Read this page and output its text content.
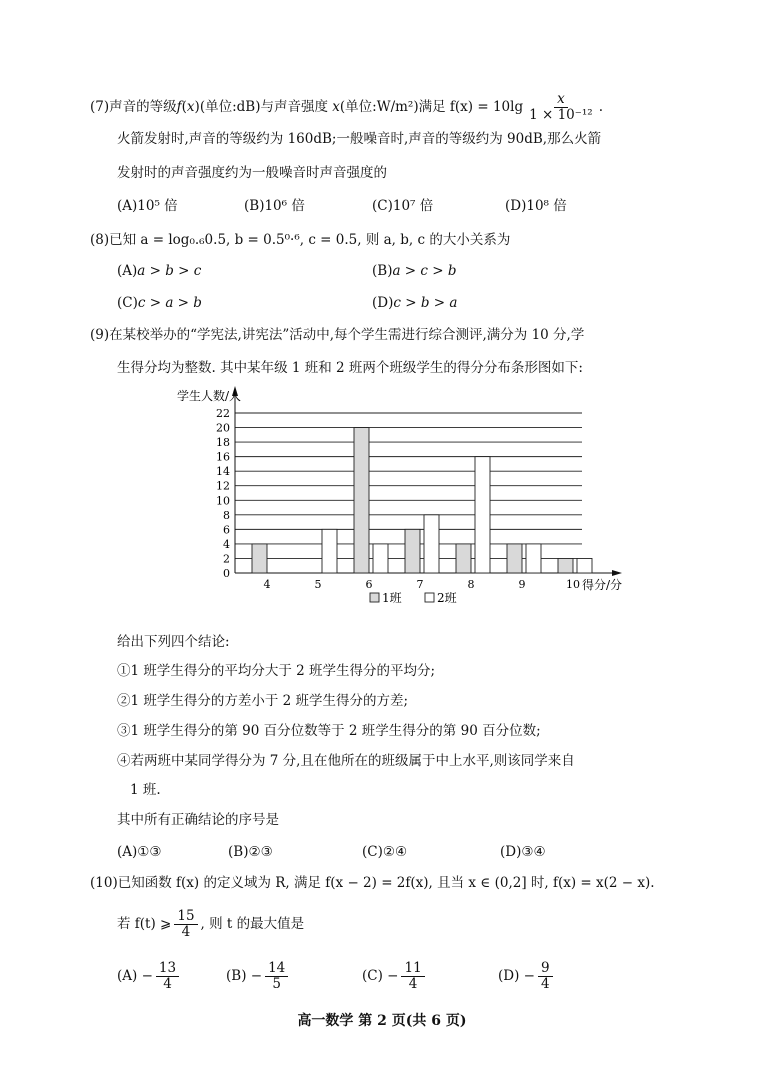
(7)声音的等级f(x)(单位:dB)与声音强度 x(单位:W/m²)满足 $f(x) = 10\lg \frac{x}{\text{1 × 10⁻¹²}}$ .
火箭发射时,声音的等级约为 160dB;一般噪音时,声音的等级约为 90dB,那么火箭
发射时的声音强度约为一般噪音时声音强度的
(A)10⁵ 倍	(B)10⁶ 倍	(C)10⁷ 倍	(D)10⁸ 倍
(8)已知 a = log₀.₆0.5, b = 0.5⁰·⁶, c = 0.5, 则 a, b, c 的大小关系为
(A)a > b > c	(B)a > c > b
(C)c > a > b	(D)c > b > a
(9)在某校举办的“学宪法,讲宪法”活动中,每个学生需进行综合测评,满分为 10 分,学
生得分均为整数. 其中某年级 1 班和 2 班两个班级学生的得分分布条形图如下:
0
2
4
6
8
10
12
14
16
18
20
22
学生人数/人
得分/分
4	5	6	7	8	9	10
1班	2班
给出下列四个结论:
①1 班学生得分的平均分大于 2 班学生得分的平均分;
②1 班学生得分的方差小于 2 班学生得分的方差;
③1 班学生得分的第 90 百分位数等于 2 班学生得分的第 90 百分位数;
④若两班中某同学得分为 7 分,且在他所在的班级属于中上水平,则该同学来自
1 班.
其中所有正确结论的序号是
(A)①③	(B)②③	(C)②④	(D)③④
(10)已知函数 f(x) 的定义域为 R, 满足 f(x − 2) = 2f(x), 且当 x ∈ (0,2] 时, f(x) = x(2 − x).
若 f(t) ⩾ $\frac{15}{4}$ , 则 t 的最大值是
$(A) - \frac{13}{4}$	$(B) - \frac{14}{5}$	$(C) - \frac{11}{4}$	$(D) - \frac{9}{4}$
高一数学 第 2 页(共 6 页)
